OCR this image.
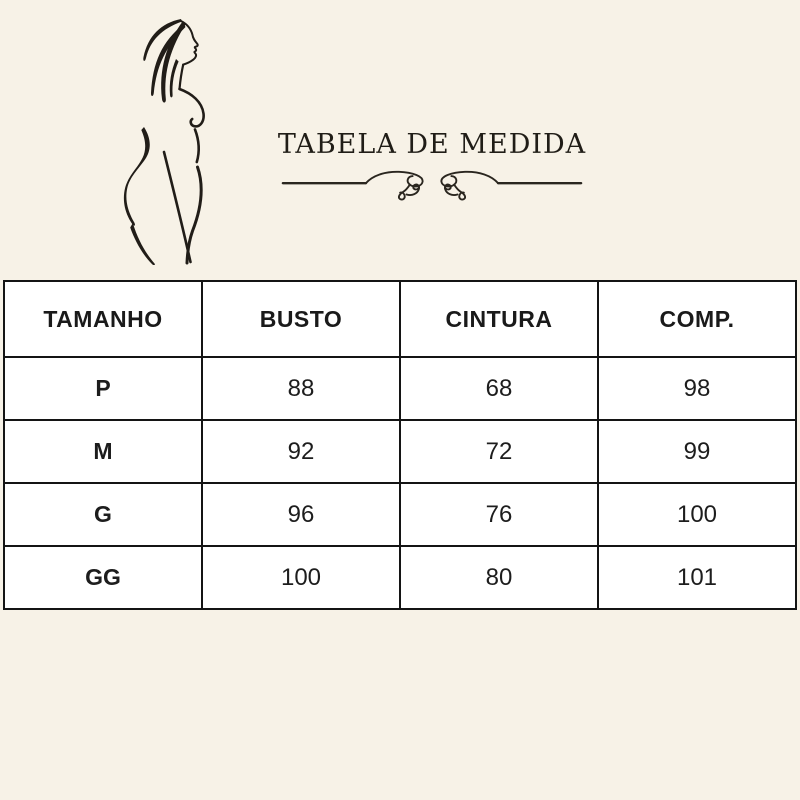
TABELA DE MEDIDA
TAMANHO	BUSTO	CINTURA	COMP.
P	88	68	98
M	92	72	99
G	96	76	100
GG	100	80	101
